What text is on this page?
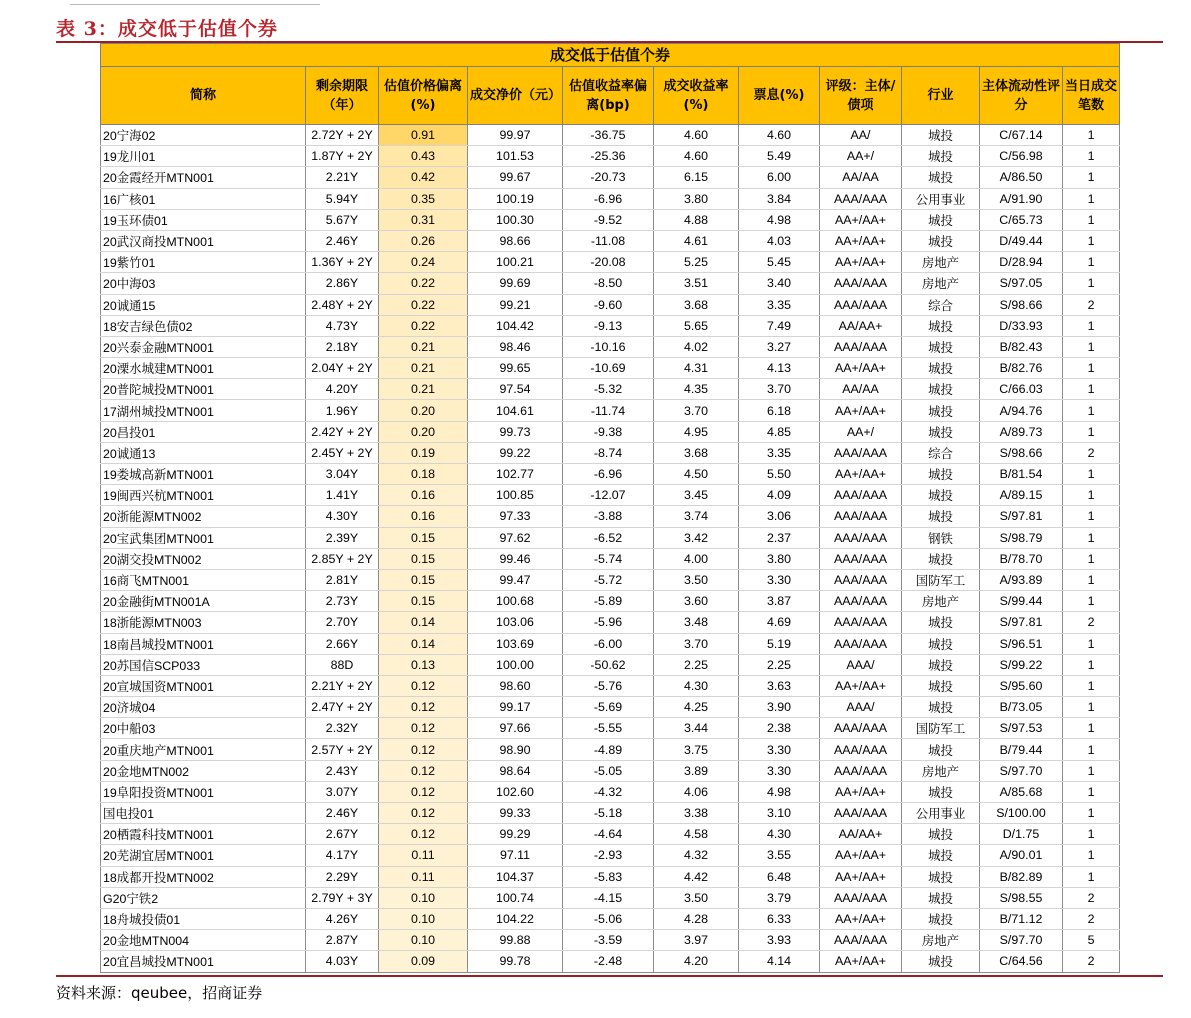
表 3：成交低于估值个券
成交低于估值个券										
简称	剩余期限（年）	估值价格偏离(%)	成交净价（元）	估值收益率偏离(bp)	成交收益率(%)	票息(%)	评级：主体/债项	行业	主体流动性评分	当日成交笔数
20宁海02	2.72Y + 2Y	0.91	99.97	-36.75	4.60	4.60	AA/	城投	C/67.14	1
19龙川01	1.87Y + 2Y	0.43	101.53	-25.36	4.60	5.49	AA+/	城投	C/56.98	1
20金霞经开MTN001	2.21Y	0.42	99.67	-20.73	6.15	6.00	AA/AA	城投	A/86.50	1
16广核01	5.94Y	0.35	100.19	-6.96	3.80	3.84	AAA/AAA	公用事业	A/91.90	1
19玉环债01	5.67Y	0.31	100.30	-9.52	4.88	4.98	AA+/AA+	城投	C/65.73	1
20武汉商投MTN001	2.46Y	0.26	98.66	-11.08	4.61	4.03	AA+/AA+	城投	D/49.44	1
19紫竹01	1.36Y + 2Y	0.24	100.21	-20.08	5.25	5.45	AA+/AA+	房地产	D/28.94	1
20中海03	2.86Y	0.22	99.69	-8.50	3.51	3.40	AAA/AAA	房地产	S/97.05	1
20诚通15	2.48Y + 2Y	0.22	99.21	-9.60	3.68	3.35	AAA/AAA	综合	S/98.66	2
18安吉绿色债02	4.73Y	0.22	104.42	-9.13	5.65	7.49	AA/AA+	城投	D/33.93	1
20兴泰金融MTN001	2.18Y	0.21	98.46	-10.16	4.02	3.27	AAA/AAA	城投	B/82.43	1
20溧水城建MTN001	2.04Y + 2Y	0.21	99.65	-10.69	4.31	4.13	AA+/AA+	城投	B/82.76	1
20普陀城投MTN001	4.20Y	0.21	97.54	-5.32	4.35	3.70	AA/AA	城投	C/66.03	1
17湖州城投MTN001	1.96Y	0.20	104.61	-11.74	3.70	6.18	AA+/AA+	城投	A/94.76	1
20昌投01	2.42Y + 2Y	0.20	99.73	-9.38	4.95	4.85	AA+/	城投	A/89.73	1
20诚通13	2.45Y + 2Y	0.19	99.22	-8.74	3.68	3.35	AAA/AAA	综合	S/98.66	2
19娄城高新MTN001	3.04Y	0.18	102.77	-6.96	4.50	5.50	AA+/AA+	城投	B/81.54	1
19闽西兴杭MTN001	1.41Y	0.16	100.85	-12.07	3.45	4.09	AAA/AAA	城投	A/89.15	1
20浙能源MTN002	4.30Y	0.16	97.33	-3.88	3.74	3.06	AAA/AAA	城投	S/97.81	1
20宝武集团MTN001	2.39Y	0.15	97.62	-6.52	3.42	2.37	AAA/AAA	钢铁	S/98.79	1
20湖交投MTN002	2.85Y + 2Y	0.15	99.46	-5.74	4.00	3.80	AAA/AAA	城投	B/78.70	1
16商飞MTN001	2.81Y	0.15	99.47	-5.72	3.50	3.30	AAA/AAA	国防军工	A/93.89	1
20金融街MTN001A	2.73Y	0.15	100.68	-5.89	3.60	3.87	AAA/AAA	房地产	S/99.44	1
18浙能源MTN003	2.70Y	0.14	103.06	-5.96	3.48	4.69	AAA/AAA	城投	S/97.81	2
18南昌城投MTN001	2.66Y	0.14	103.69	-6.00	3.70	5.19	AAA/AAA	城投	S/96.51	1
20苏国信SCP033	88D	0.13	100.00	-50.62	2.25	2.25	AAA/	城投	S/99.22	1
20宣城国资MTN001	2.21Y + 2Y	0.12	98.60	-5.76	4.30	3.63	AA+/AA+	城投	S/95.60	1
20济城04	2.47Y + 2Y	0.12	99.17	-5.69	4.25	3.90	AAA/	城投	B/73.05	1
20中船03	2.32Y	0.12	97.66	-5.55	3.44	2.38	AAA/AAA	国防军工	S/97.53	1
20重庆地产MTN001	2.57Y + 2Y	0.12	98.90	-4.89	3.75	3.30	AAA/AAA	城投	B/79.44	1
20金地MTN002	2.43Y	0.12	98.64	-5.05	3.89	3.30	AAA/AAA	房地产	S/97.70	1
19阜阳投资MTN001	3.07Y	0.12	102.60	-4.32	4.06	4.98	AA+/AA+	城投	A/85.68	1
国电投01	2.46Y	0.12	99.33	-5.18	3.38	3.10	AAA/AAA	公用事业	S/100.00	1
20栖霞科技MTN001	2.67Y	0.12	99.29	-4.64	4.58	4.30	AA/AA+	城投	D/1.75	1
20芜湖宜居MTN001	4.17Y	0.11	97.11	-2.93	4.32	3.55	AA+/AA+	城投	A/90.01	1
18成都开投MTN002	2.29Y	0.11	104.37	-5.83	4.42	6.48	AA+/AA+	城投	B/82.89	1
G20宁铁2	2.79Y + 3Y	0.10	100.74	-4.15	3.50	3.79	AAA/AAA	城投	S/98.55	2
18舟城投债01	4.26Y	0.10	104.22	-5.06	4.28	6.33	AA+/AA+	城投	B/71.12	2
20金地MTN004	2.87Y	0.10	99.88	-3.59	3.97	3.93	AAA/AAA	房地产	S/97.70	5
20宜昌城投MTN001	4.03Y	0.09	99.78	-2.48	4.20	4.14	AA+/AA+	城投	C/64.56	2
资料来源：qeubee，招商证券
